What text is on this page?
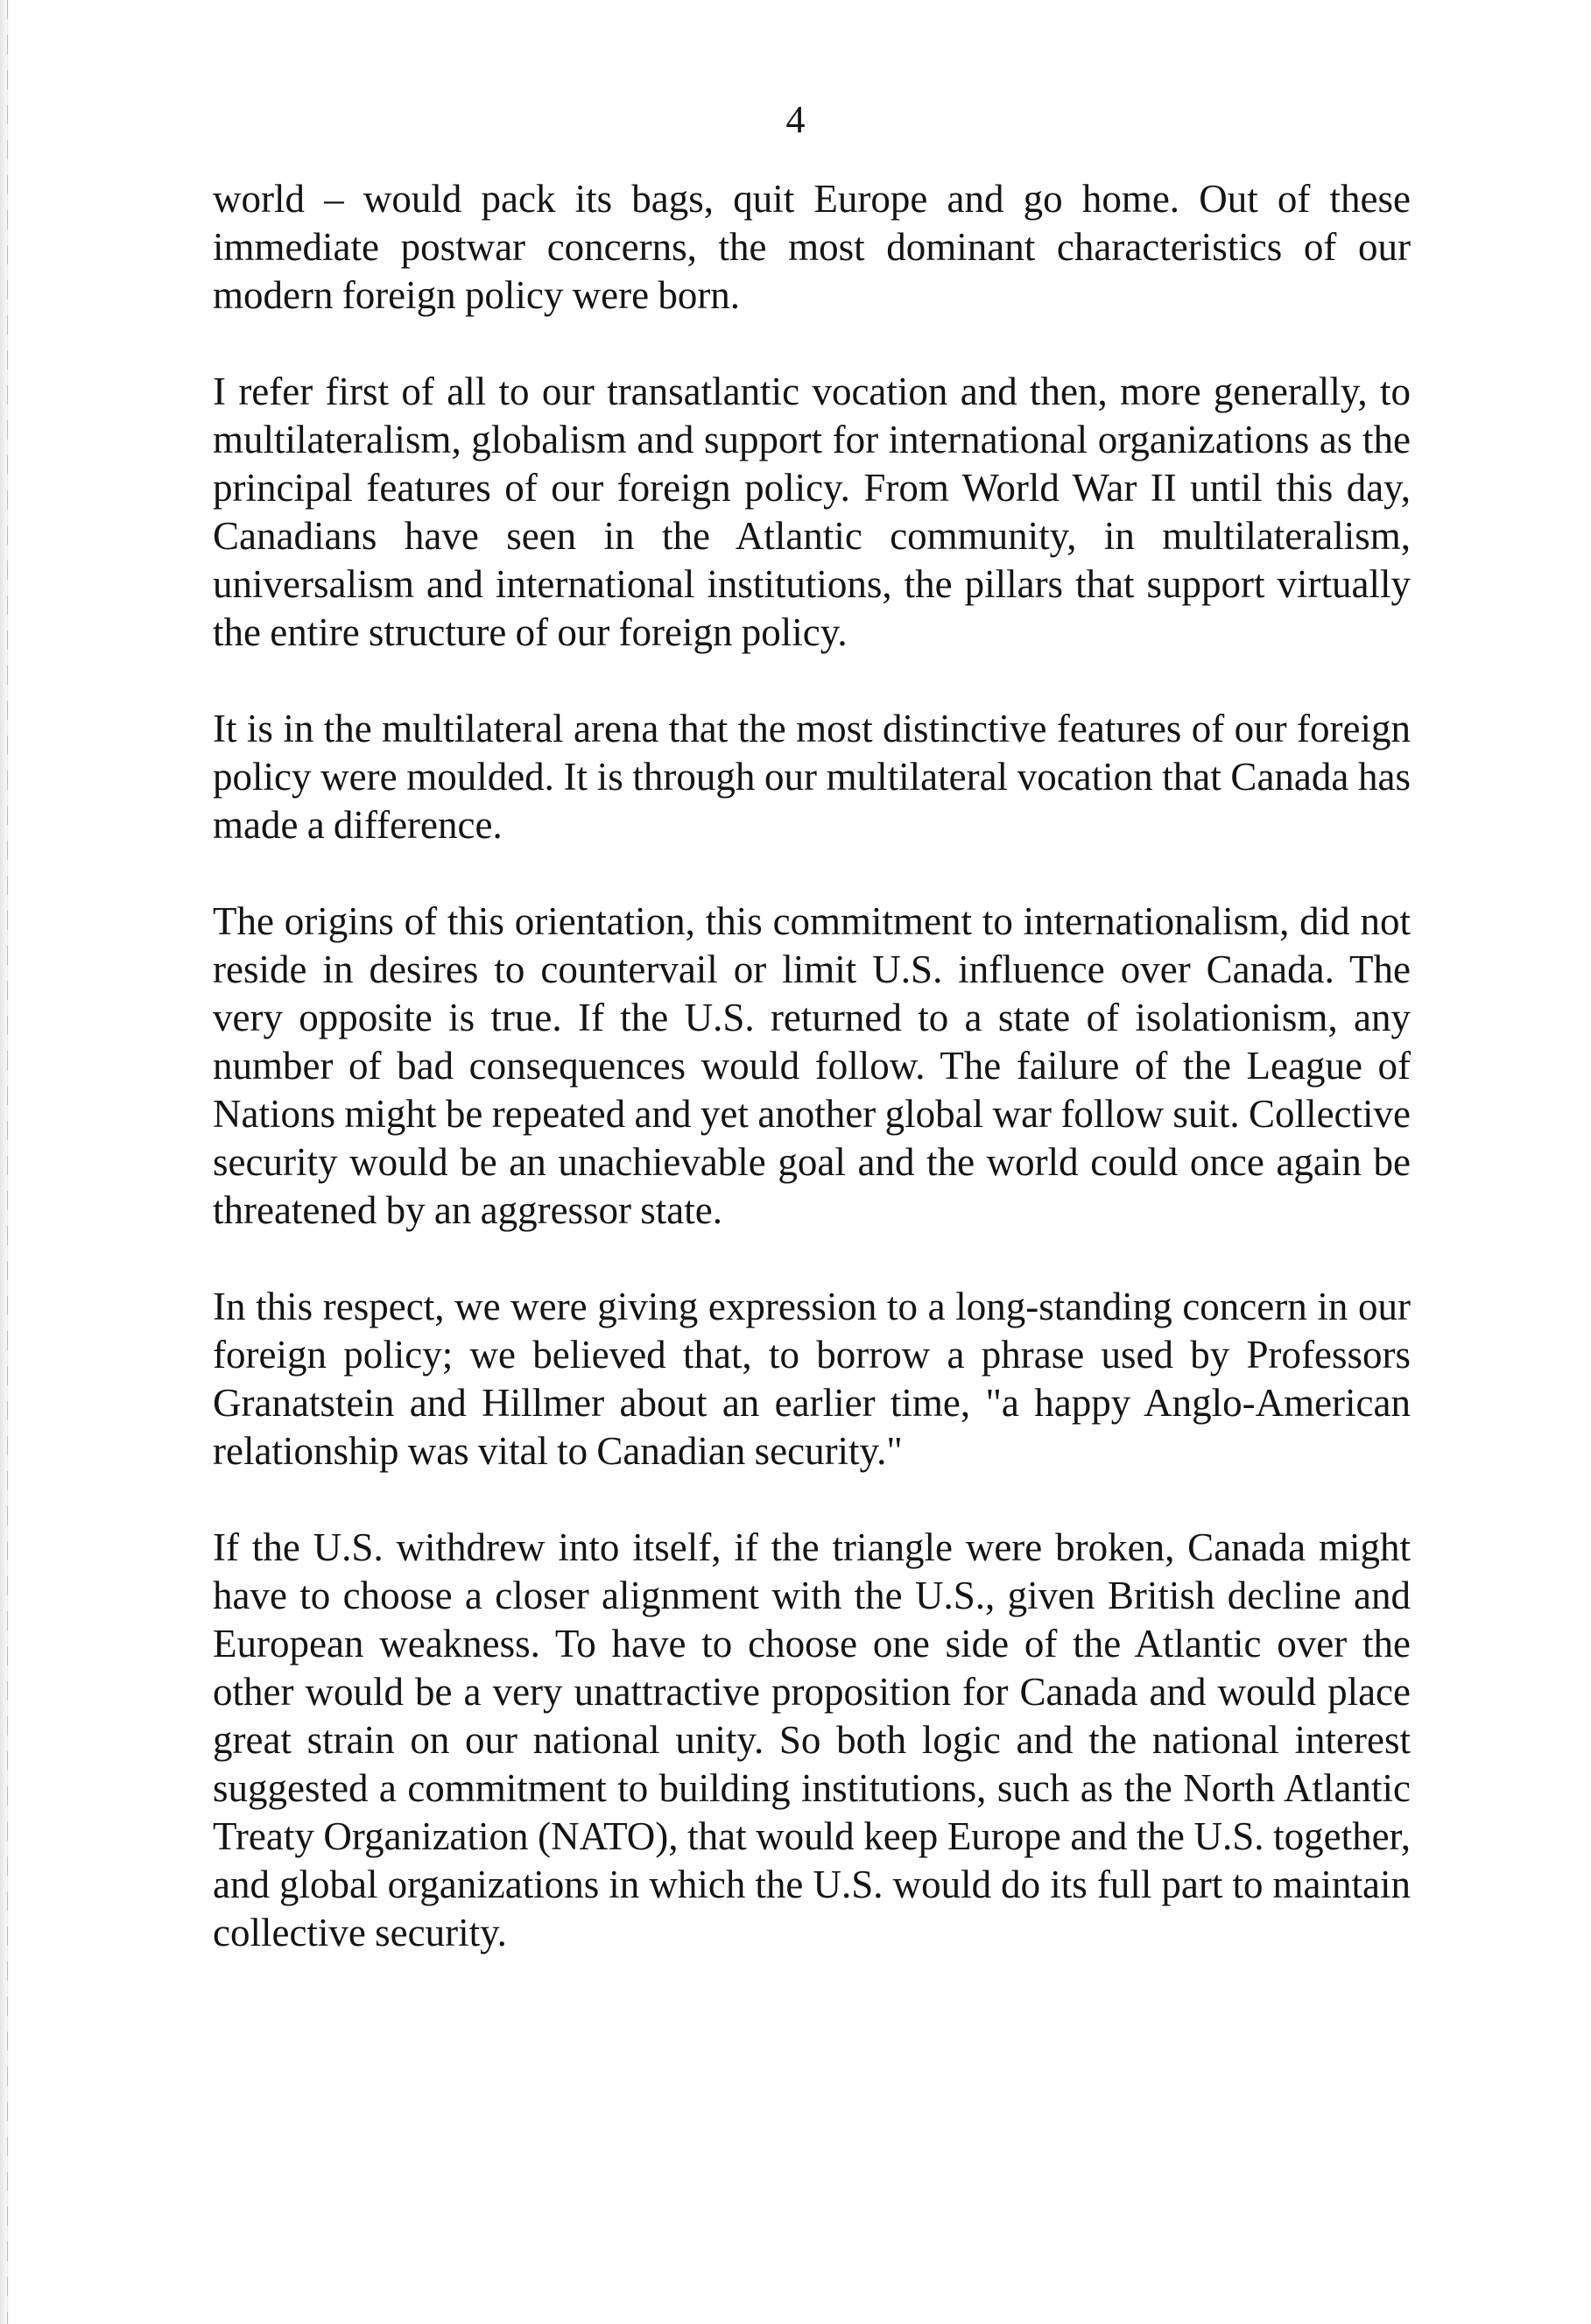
4

world – would pack its bags, quit Europe and go home. Out of these immediate postwar concerns, the most dominant characteristics of our modern foreign policy were born.

I refer first of all to our transatlantic vocation and then, more generally, to multilateralism, globalism and support for international organizations as the principal features of our foreign policy. From World War II until this day, Canadians have seen in the Atlantic community, in multilateralism, universalism and international institutions, the pillars that support virtually the entire structure of our foreign policy.

It is in the multilateral arena that the most distinctive features of our foreign policy were moulded. It is through our multilateral vocation that Canada has made a difference.

The origins of this orientation, this commitment to internationalism, did not reside in desires to countervail or limit U.S. influence over Canada. The very opposite is true. If the U.S. returned to a state of isolationism, any number of bad consequences would follow. The failure of the League of Nations might be repeated and yet another global war follow suit. Collective security would be an unachievable goal and the world could once again be threatened by an aggressor state.

In this respect, we were giving expression to a long-standing concern in our foreign policy; we believed that, to borrow a phrase used by Professors Granatstein and Hillmer about an earlier time, "a happy Anglo-American relationship was vital to Canadian security."

If the U.S. withdrew into itself, if the triangle were broken, Canada might have to choose a closer alignment with the U.S., given British decline and European weakness. To have to choose one side of the Atlantic over the other would be a very unattractive proposition for Canada and would place great strain on our national unity. So both logic and the national interest suggested a commitment to building institutions, such as the North Atlantic Treaty Organization (NATO), that would keep Europe and the U.S. together, and global organizations in which the U.S. would do its full part to maintain collective security.
